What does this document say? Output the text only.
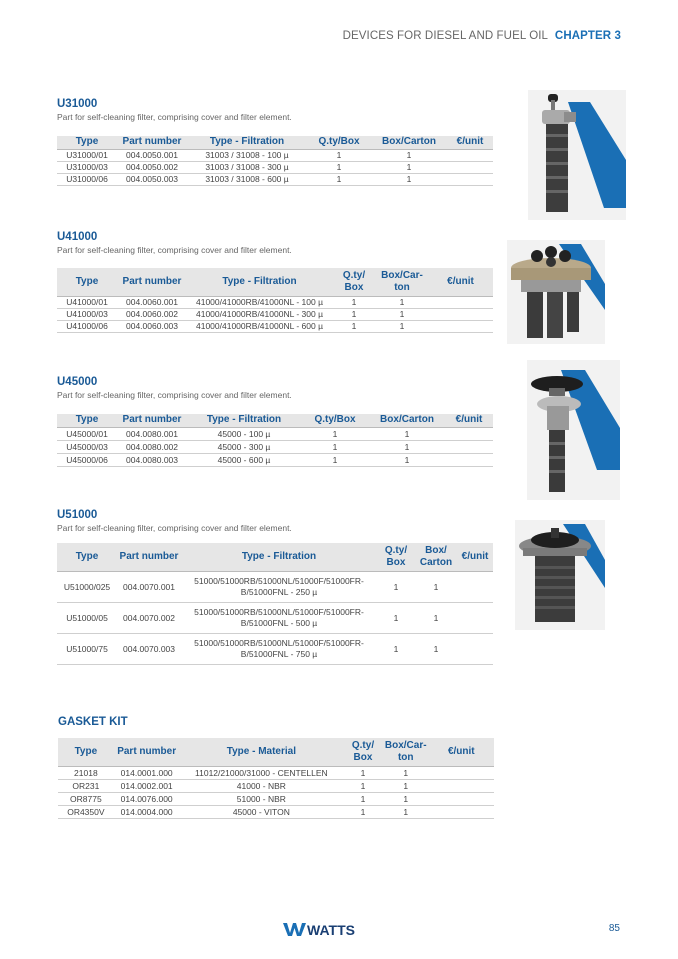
DEVICES FOR DIESEL AND FUEL OIL CHAPTER 3
U31000
Part for self-cleaning filter, comprising cover and filter element.
Type	Part number	Type - Filtration	Q.ty/Box	Box/Carton	€/unit
U31000/01	004.0050.001	31003 / 31008 - 100 µ	1	1	
U31000/03	004.0050.002	31003 / 31008 - 300 µ	1	1	
U31000/06	004.0050.003	31003 / 31008 - 600 µ	1	1	
U41000
Part for self-cleaning filter, comprising cover and filter element.
Type	Part number	Type - Filtration	Q.ty/ Box	Box/Car- ton	€/unit
U41000/01	004.0060.001	41000/41000RB/41000NL - 100 µ	1	1	
U41000/03	004.0060.002	41000/41000RB/41000NL - 300 µ	1	1	
U41000/06	004.0060.003	41000/41000RB/41000NL - 600 µ	1	1	
U45000
Part for self-cleaning filter, comprising cover and filter element.
Type	Part number	Type - Filtration	Q.ty/Box	Box/Carton	€/unit
U45000/01	004.0080.001	45000 - 100 µ	1	1	
U45000/03	004.0080.002	45000 - 300 µ	1	1	
U45000/06	004.0080.003	45000 - 600 µ	1	1	
U51000
Part for self-cleaning filter, comprising cover and filter element.
Type	Part number	Type - Filtration	Q.ty/ Box	Box/ Carton	€/unit
U51000/025	004.0070.001	51000/51000RB/51000NL/51000F/51000FR-B/51000FNL - 250 µ	1	1	
U51000/05	004.0070.002	51000/51000RB/51000NL/51000F/51000FR-B/51000FNL - 500 µ	1	1	
U51000/75	004.0070.003	51000/51000RB/51000NL/51000F/51000FR-B/51000FNL - 750 µ	1	1	
GASKET KIT
Type	Part number	Type - Material	Q.ty/ Box	Box/Car- ton	€/unit
21018	014.0001.000	11012/21000/31000 - CENTELLEN	1	1	
OR231	014.0002.001	41000 - NBR	1	1	
OR8775	014.0076.000	51000 - NBR	1	1	
OR4350V	014.0004.000	45000 - VITON	1	1	
WATTS	85
